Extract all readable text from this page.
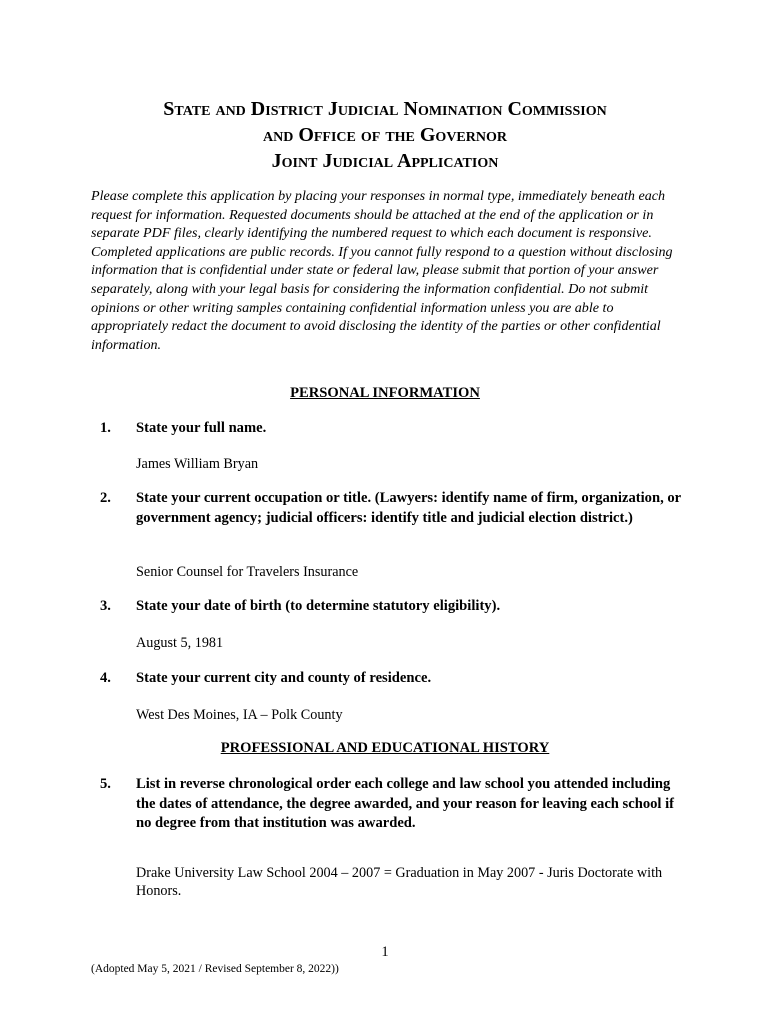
State and District Judicial Nomination Commission
and Office of the Governor
Joint Judicial Application
Please complete this application by placing your responses in normal type, immediately beneath each request for information. Requested documents should be attached at the end of the application or in separate PDF files, clearly identifying the numbered request to which each document is responsive. Completed applications are public records. If you cannot fully respond to a question without disclosing information that is confidential under state or federal law, please submit that portion of your answer separately, along with your legal basis for considering the information confidential. Do not submit opinions or other writing samples containing confidential information unless you are able to appropriately redact the document to avoid disclosing the identity of the parties or other confidential information.
PERSONAL INFORMATION
1. State your full name.
James William Bryan
2. State your current occupation or title. (Lawyers: identify name of firm, organization, or government agency; judicial officers: identify title and judicial election district.)
Senior Counsel for Travelers Insurance
3. State your date of birth (to determine statutory eligibility).
August 5, 1981
4. State your current city and county of residence.
West Des Moines, IA – Polk County
PROFESSIONAL AND EDUCATIONAL HISTORY
5. List in reverse chronological order each college and law school you attended including the dates of attendance, the degree awarded, and your reason for leaving each school if no degree from that institution was awarded.
Drake University Law School 2004 – 2007 = Graduation in May 2007 - Juris Doctorate with Honors.
1
(Adopted May 5, 2021 / Revised September 8, 2022))
